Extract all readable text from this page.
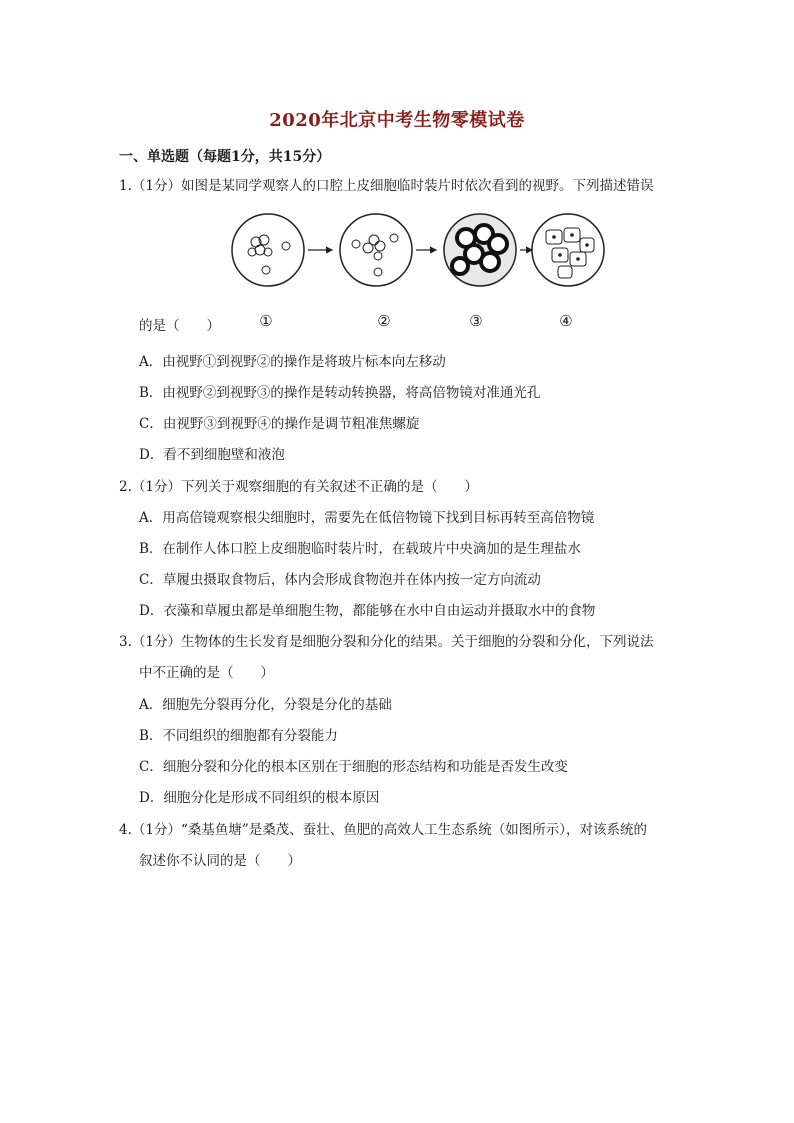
2020年北京中考生物零模试卷
一、单选题（每题1分，共15分）
1.（1分）如图是某同学观察人的口腔上皮细胞临时装片时依次看到的视野。下列描述错误
的是（　　）	①	②	③	④
A．由视野①到视野②的操作是将玻片标本向左移动
B．由视野②到视野③的操作是转动转换器，将高倍物镜对准通光孔
C．由视野③到视野④的操作是调节粗准焦螺旋
D．看不到细胞壁和液泡
2.（1分）下列关于观察细胞的有关叙述不正确的是（　　）
A．用高倍镜观察根尖细胞时，需要先在低倍物镜下找到目标再转至高倍物镜
B．在制作人体口腔上皮细胞临时装片时，在载玻片中央滴加的是生理盐水
C．草履虫摄取食物后，体内会形成食物泡并在体内按一定方向流动
D．衣藻和草履虫都是单细胞生物，都能够在水中自由运动并摄取水中的食物
3.（1分）生物体的生长发育是细胞分裂和分化的结果。关于细胞的分裂和分化，下列说法
中不正确的是（　　）
A．细胞先分裂再分化，分裂是分化的基础
B．不同组织的细胞都有分裂能力
C．细胞分裂和分化的根本区别在于细胞的形态结构和功能是否发生改变
D．细胞分化是形成不同组织的根本原因
4.（1分）“桑基鱼塘”是桑茂、蚕壮、鱼肥的高效人工生态系统（如图所示），对该系统的
叙述你不认同的是（　　）
